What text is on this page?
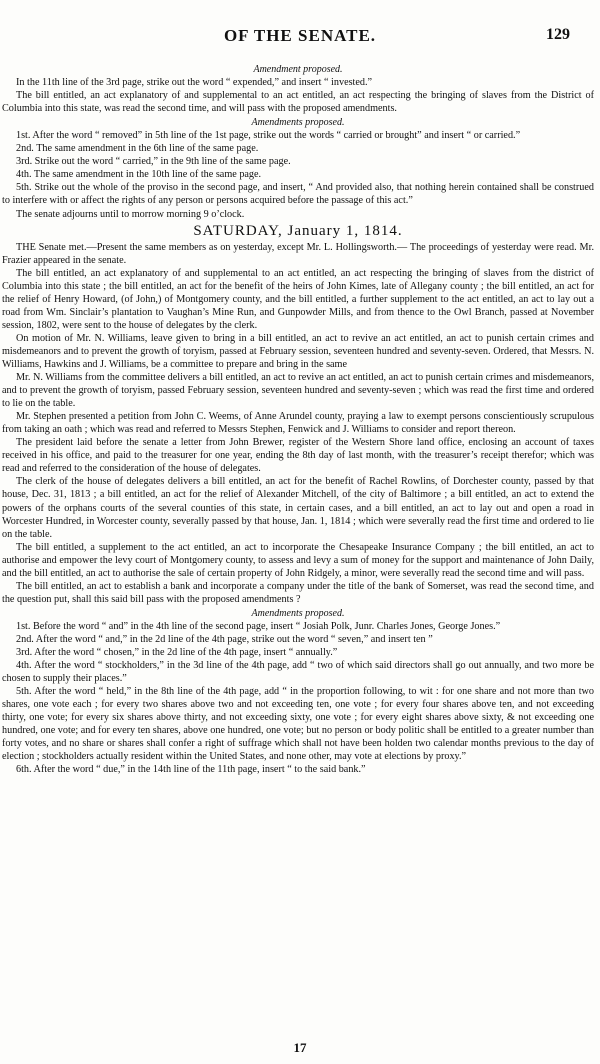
OF THE SENATE.	129
Amendment proposed.

In the 11th line of the 3rd page, strike out the word “ expended,” and insert “ invested.”

The bill entitled, an act explanatory of and supplemental to an act entitled, an act respecting the bringing of slaves from the District of Columbia into this state, was read the second time, and will pass with the proposed amendments.

Amendments proposed.

1st. After the word “ removed” in 5th line of the 1st page, strike out the words “ carried or brought” and insert “ or carried.”

2nd. The same amendment in the 6th line of the same page.

3rd. Strike out the word “ carried,” in the 9th line of the same page.

4th. The same amendment in the 10th line of the same page.

5th. Strike out the whole of the proviso in the second page, and insert, “ And provided also, that nothing herein contained shall be construed to interfere with or affect the rights of any person or persons acquired before the passage of this act.”

The senate adjourns until to morrow morning 9 o’clock.

SATURDAY, January 1, 1814.

THE Senate met.—Present the same members as on yesterday, except Mr. L. Hollingsworth.— The proceedings of yesterday were read. Mr. Frazier appeared in the senate.

The bill entitled, an act explanatory of and supplemental to an act entitled, an act respecting the bringing of slaves from the district of Columbia into this state ; the bill entitled, an act for the benefit of the heirs of John Kimes, late of Allegany county ; the bill entitled, an act for the relief of Henry Howard, (of John,) of Montgomery county, and the bill entitled, a further supplement to the act entitled, an act to lay out a road from Wm. Sinclair’s plantation to Vaughan’s Mine Run, and Gunpowder Mills, and from thence to the Owl Branch, passed at November session, 1802, were sent to the house of delegates by the clerk.

On motion of Mr. N. Williams, leave given to bring in a bill entitled, an act to revive an act entitled, an act to punish certain crimes and misdemeanors and to prevent the growth of toryism, passed at February session, seventeen hundred and seventy-seven. Ordered, that Messrs. N. Williams, Hawkins and J. Williams, be a committee to prepare and bring in the same

Mr. N. Williams from the committee delivers a bill entitled, an act to revive an act entitled, an act to punish certain crimes and misdemeanors, and to prevent the growth of toryism, passed February session, seventeen hundred and seventy-seven ; which was read the first time and ordered to lie on the table.

Mr. Stephen presented a petition from John C. Weems, of Anne Arundel county, praying a law to exempt persons conscientiously scrupulous from taking an oath ; which was read and referred to Messrs Stephen, Fenwick and J. Williams to consider and report thereon.

The president laid before the senate a letter from John Brewer, register of the Western Shore land office, enclosing an account of taxes received in his office, and paid to the treasurer for one year, ending the 8th day of last month, with the treasurer’s receipt therefor; which was read and referred to the consideration of the house of delegates.

The clerk of the house of delegates delivers a bill entitled, an act for the benefit of Rachel Rowlins, of Dorchester county, passed by that house, Dec. 31, 1813 ; a bill entitled, an act for the relief of Alexander Mitchell, of the city of Baltimore ; a bill entitled, an act to extend the powers of the orphans courts of the several counties of this state, in certain cases, and a bill entitled, an act to lay out and open a road in Worcester Hundred, in Worcester county, severally passed by that house, Jan. 1, 1814 ; which were severally read the first time and ordered to lie on the table.

The bill entitled, a supplement to the act entitled, an act to incorporate the Chesapeake Insurance Company ; the bill entitled, an act to authorise and empower the levy court of Montgomery county, to assess and levy a sum of money for the support and maintenance of John Daily, and the bill entitled, an act to authorise the sale of certain property of John Ridgely, a minor, were severally read the second time and will pass.

The bill entitled, an act to establish a bank and incorporate a company under the title of the bank of Somerset, was read the second time, and the question put, shall this said bill pass with the proposed amendments ?

Amendments proposed.

1st. Before the word “ and” in the 4th line of the second page, insert “ Josiah Polk, Junr. Charles Jones, George Jones.”

2nd. After the word “ and,” in the 2d line of the 4th page, strike out the word “ seven,” and insert ten ”

3rd. After the word “ chosen,” in the 2d line of the 4th page, insert “ annually.”

4th. After the word “ stockholders,” in the 3d line of the 4th page, add “ two of which said directors shall go out annually, and two more be chosen to supply their places.”

5th. After the word “ held,” in the 8th line of the 4th page, add “ in the proportion following, to wit : for one share and not more than two shares, one vote each ; for every two shares above two and not exceeding ten, one vote ; for every four shares above ten, and not exceeding thirty, one vote; for every six shares above thirty, and not exceeding sixty, one vote ; for every eight shares above sixty, & not exceeding one hundred, one vote; and for every ten shares, above one hundred, one vote; but no person or body politic shall be entitled to a greater number than forty votes, and no share or shares shall confer a right of suffrage which shall not have been holden two calendar months previous to the day of election ; stockholders actually resident within the United States, and none other, may vote at elections by proxy.”

6th. After the word “ due,” in the 14th line of the 11th page, insert “ to the said bank.”

17
